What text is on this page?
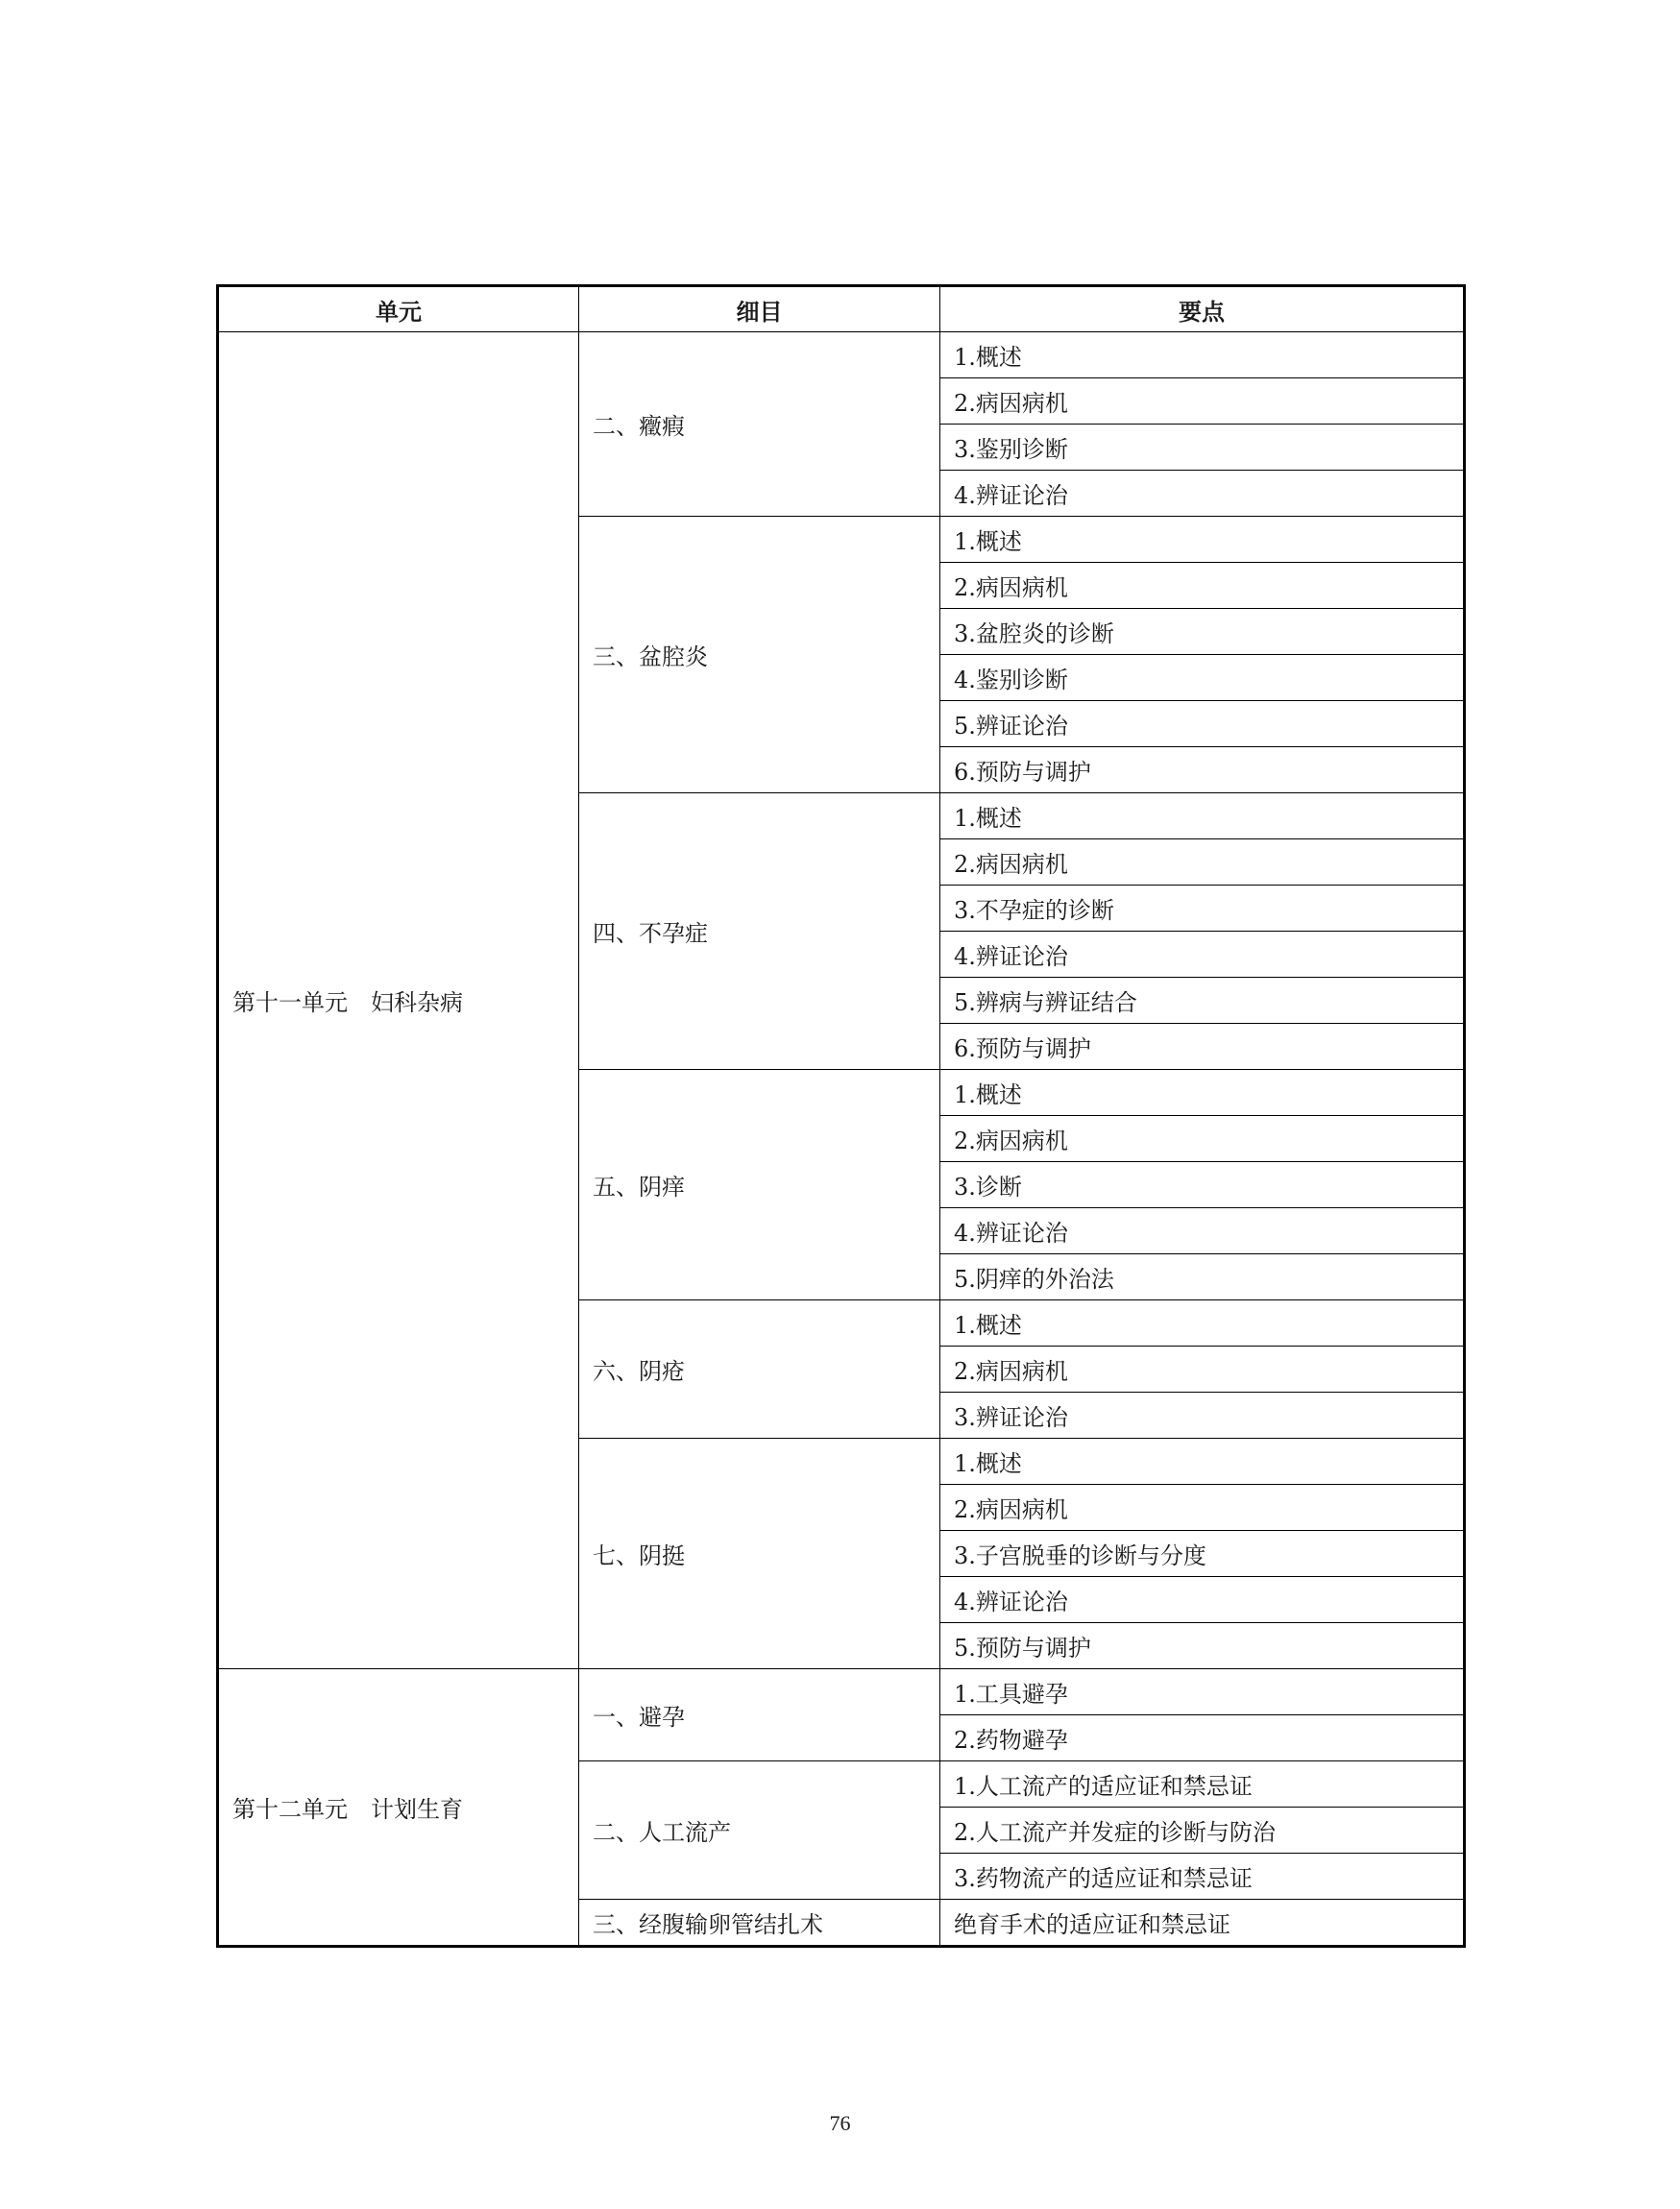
单元	细目	要点
第十一单元　妇科杂病	二、癥瘕	1.概述
		2.病因病机
		3.鉴别诊断
		4.辨证论治
	三、盆腔炎	1.概述
		2.病因病机
		3.盆腔炎的诊断
		4.鉴别诊断
		5.辨证论治
		6.预防与调护
	四、不孕症	1.概述
		2.病因病机
		3.不孕症的诊断
		4.辨证论治
		5.辨病与辨证结合
		6.预防与调护
	五、阴痒	1.概述
		2.病因病机
		3.诊断
		4.辨证论治
		5.阴痒的外治法
	六、阴疮	1.概述
		2.病因病机
		3.辨证论治
	七、阴挺	1.概述
		2.病因病机
		3.子宫脱垂的诊断与分度
		4.辨证论治
		5.预防与调护
第十二单元　计划生育	一、避孕	1.工具避孕
		2.药物避孕
	二、人工流产	1.人工流产的适应证和禁忌证
		2.人工流产并发症的诊断与防治
		3.药物流产的适应证和禁忌证
	三、经腹输卵管结扎术	绝育手术的适应证和禁忌证
76
